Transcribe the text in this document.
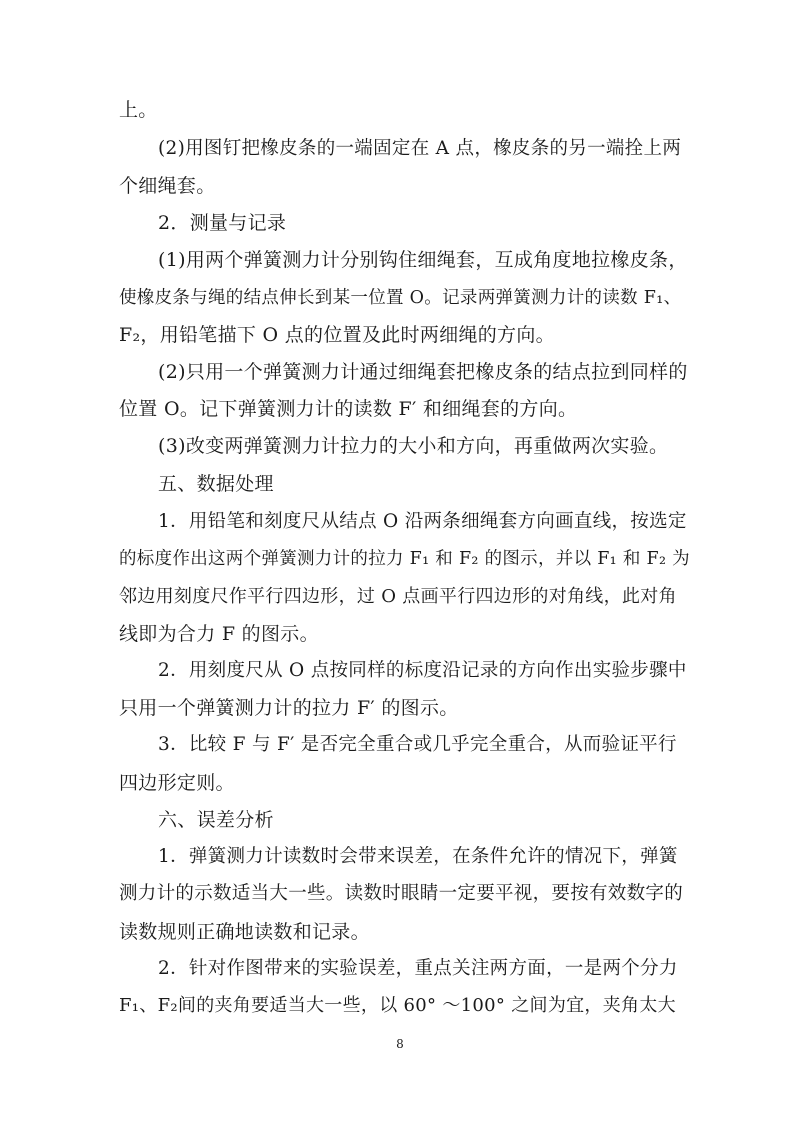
上。
(2)用图钉把橡皮条的一端固定在 A 点，橡皮条的另一端拴上两
个细绳套。
2．测量与记录
(1)用两个弹簧测力计分别钩住细绳套，互成角度地拉橡皮条，
使橡皮条与绳的结点伸长到某一位置 O。记录两弹簧测力计的读数 F₁、
F₂，用铅笔描下 O 点的位置及此时两细绳的方向。
(2)只用一个弹簧测力计通过细绳套把橡皮条的结点拉到同样的
位置 O。记下弹簧测力计的读数 F′ 和细绳套的方向。
(3)改变两弹簧测力计拉力的大小和方向，再重做两次实验。
五、数据处理
1．用铅笔和刻度尺从结点 O 沿两条细绳套方向画直线，按选定
的标度作出这两个弹簧测力计的拉力 F₁ 和 F₂ 的图示，并以 F₁ 和 F₂ 为
邻边用刻度尺作平行四边形，过 O 点画平行四边形的对角线，此对角
线即为合力 F 的图示。
2．用刻度尺从 O 点按同样的标度沿记录的方向作出实验步骤中
只用一个弹簧测力计的拉力 F′ 的图示。
3．比较 F 与 F′ 是否完全重合或几乎完全重合，从而验证平行
四边形定则。
六、误差分析
1．弹簧测力计读数时会带来误差，在条件允许的情况下，弹簧
测力计的示数适当大一些。读数时眼睛一定要平视，要按有效数字的
读数规则正确地读数和记录。
2．针对作图带来的实验误差，重点关注两方面，一是两个分力
F₁、F₂间的夹角要适当大一些，以 60° ～100° 之间为宜，夹角太大
8
